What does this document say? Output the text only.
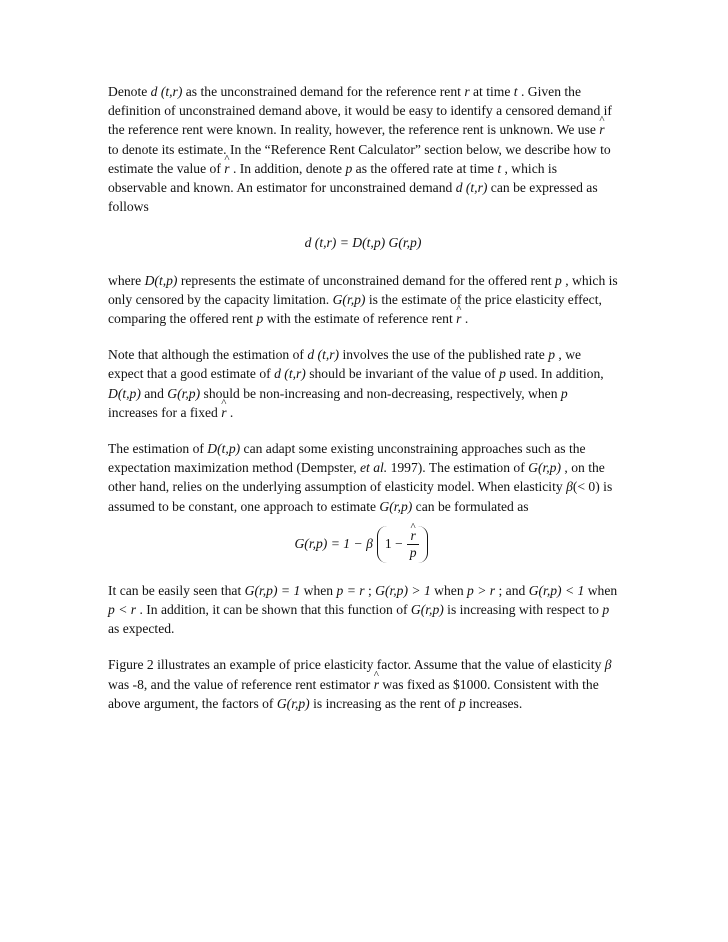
Denote d (t,r) as the unconstrained demand for the reference rent r at time t . Given the definition of unconstrained demand above, it would be easy to identify a censored demand if the reference rent were known. In reality, however, the reference rent is unknown. We use r ^ to denote its estimate. In the “Reference Rent Calculator” section below, we describe how to estimate the value of r ^ . In addition, denote p as the offered rate at time t , which is observable and known. An estimator for unconstrained demand d (t,r) can be expressed as follows

d (t,r) = D(t,p) G(r,p)

where D(t,p) represents the estimate of unconstrained demand for the offered rent p , which is only censored by the capacity limitation. G(r,p) is the estimate of the price elasticity effect, comparing the offered rent p with the estimate of reference rent r ^ .

Note that although the estimation of d (t,r) involves the use of the published rate p , we expect that a good estimate of d (t,r) should be invariant of the value of p used. In addition, D(t,p) and G(r,p) should be non-increasing and non-decreasing, respectively, when p increases for a fixed r ^ .

The estimation of D(t,p) can adapt some existing unconstraining approaches such as the expectation maximization method (Dempster, et al. 1997). The estimation of G(r,p) , on the other hand, relies on the underlying assumption of elasticity model. When elasticity β(< 0) is assumed to be constant, one approach to estimate G(r,p) can be formulated as

G(r,p) = 1 − β $1 - \frac{r \^{}}{p}$

It can be easily seen that G(r,p) = 1 when p = r ; G(r,p) > 1 when p > r ; and G(r,p) < 1 when p < r . In addition, it can be shown that this function of G(r,p) is increasing with respect to p as expected.

Figure 2 illustrates an example of price elasticity factor. Assume that the value of elasticity β was -8, and the value of reference rent estimator r ^ was fixed as $1000. Consistent with the above argument, the factors of G(r,p) is increasing as the rent of p increases.
